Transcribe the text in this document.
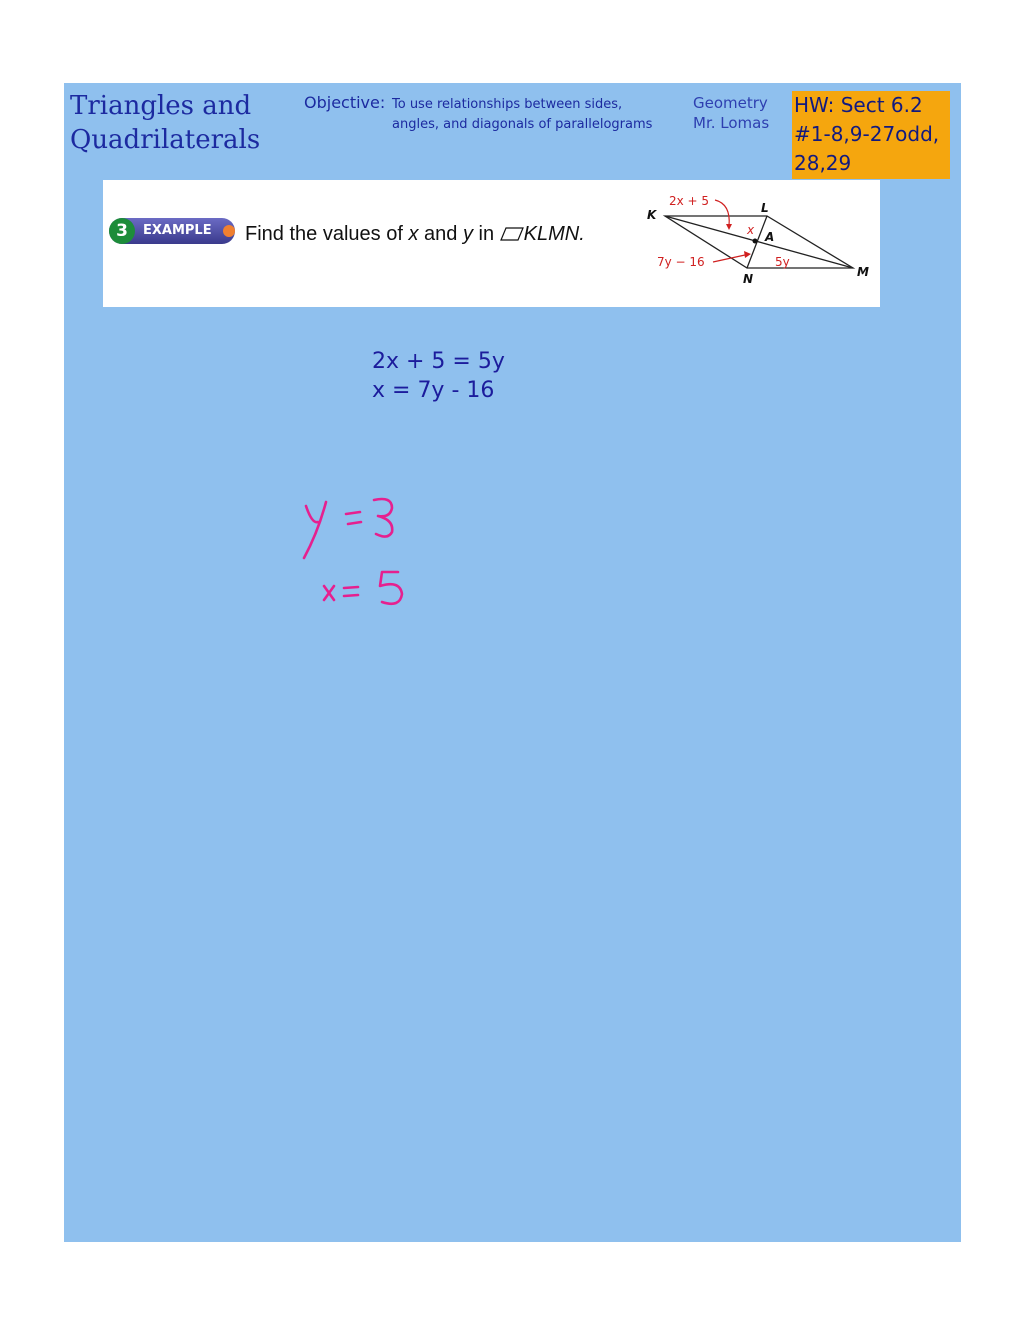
Triangles and
Quadrilaterals
Objective: To use relationships between sides,
angles, and diagonals of parallelograms
Geometry
Mr. Lomas
HW: Sect 6.2
#1-8,9-27odd,
28,29
3	EXAMPLE Find the values of x and y in KLMN.
K	L
M
N
A
2x + 5
x
7y − 16	5y
2x + 5 = 5y
x = 7y - 16
